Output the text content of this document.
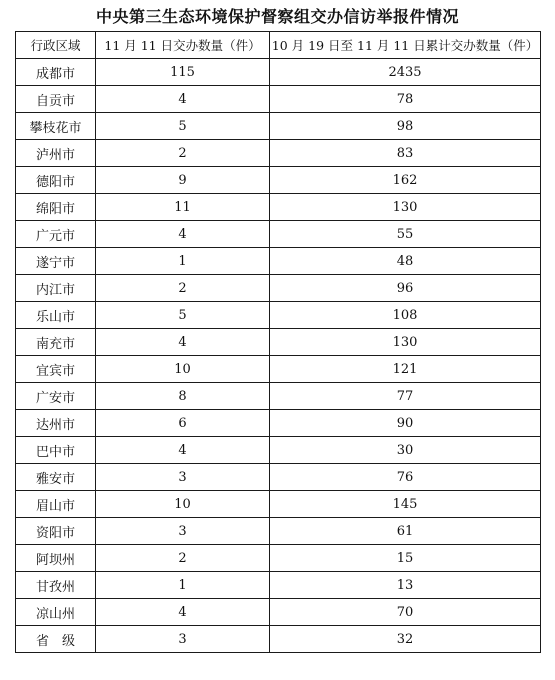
中央第三生态环境保护督察组交办信访举报件情况
行政区域	11 月 11 日交办数量（件）	10 月 19 日至 11 月 11 日累计交办数量（件）
成都市	115	2435
自贡市	4	78
攀枝花市	5	98
泸州市	2	83
德阳市	9	162
绵阳市	11	130
广元市	4	55
遂宁市	1	48
内江市	2	96
乐山市	5	108
南充市	4	130
宜宾市	10	121
广安市	8	77
达州市	6	90
巴中市	4	30
雅安市	3	76
眉山市	10	145
资阳市	3	61
阿坝州	2	15
甘孜州	1	13
凉山州	4	70
省　级	3	32
